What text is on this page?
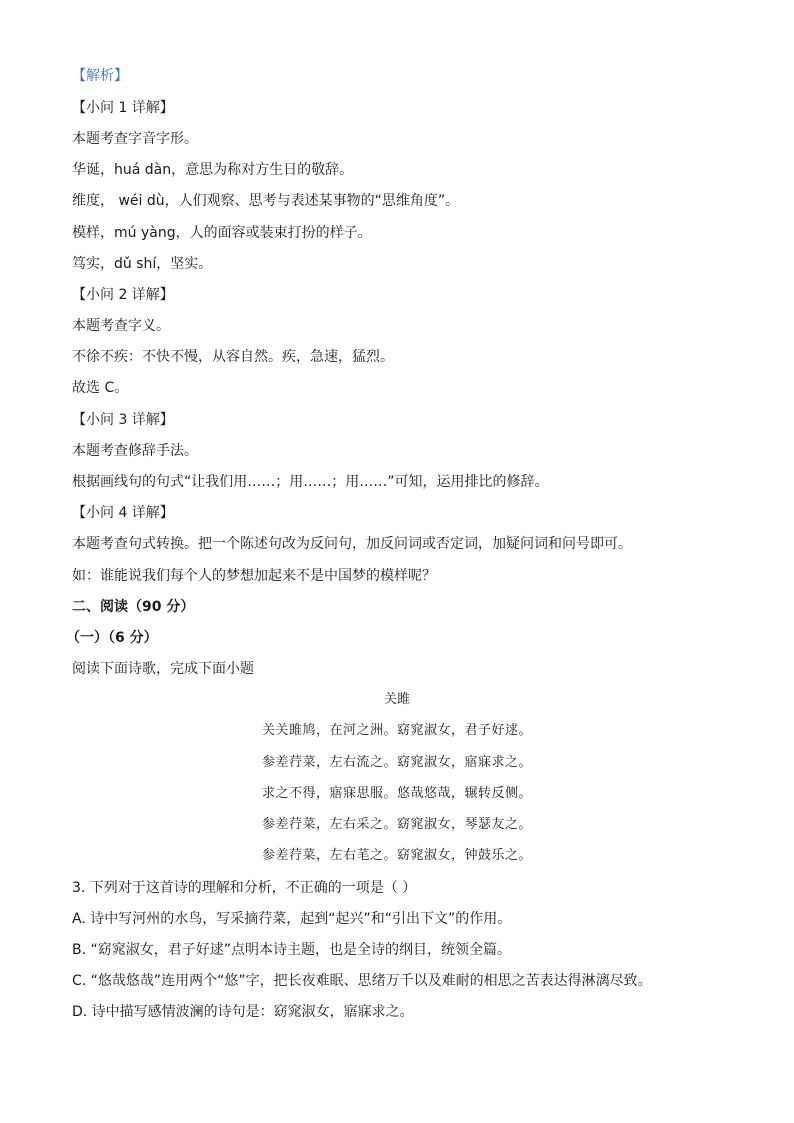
【解析】
【小问 1 详解】
本题考查字音字形。
华诞，huá dàn，意思为称对方生日的敬辞。
维度， wéi dù，人们观察、思考与表述某事物的“思维角度”。
模样，mú yàng，人的面容或装束打扮的样子。
笃实，dǔ shí，坚实。
【小问 2 详解】
本题考查字义。
不徐不疾：不快不慢，从容自然。疾，急速，猛烈。
故选 C。
【小问 3 详解】
本题考查修辞手法。
根据画线句的句式“让我们用……；用……；用……”可知，运用排比的修辞。
【小问 4 详解】
本题考查句式转换。把一个陈述句改为反问句，加反问词或否定词，加疑问词和问号即可。
如：谁能说我们每个人的梦想加起来不是中国梦的模样呢？
二、阅读（90 分）
（一）（6 分）
阅读下面诗歌，完成下面小题
关雎
关关雎鸠，在河之洲。窈窕淑女，君子好逑。
参差荇菜，左右流之。窈窕淑女，寤寐求之。
求之不得，寤寐思服。悠哉悠哉，辗转反侧。
参差荇菜，左右采之。窈窕淑女，琴瑟友之。
参差荇菜，左右芼之。窈窕淑女，钟鼓乐之。
3. 下列对于这首诗的理解和分析，不正确的一项是（ ）
A. 诗中写河州的水鸟，写采摘荇菜，起到“起兴”和“引出下文”的作用。
B. “窈窕淑女，君子好逑”点明本诗主题，也是全诗的纲目，统领全篇。
C. “悠哉悠哉”连用两个“悠”字，把长夜难眠、思绪万千以及难耐的相思之苦表达得淋漓尽致。
D. 诗中描写感情波澜的诗句是：窈窕淑女，寤寐求之。
